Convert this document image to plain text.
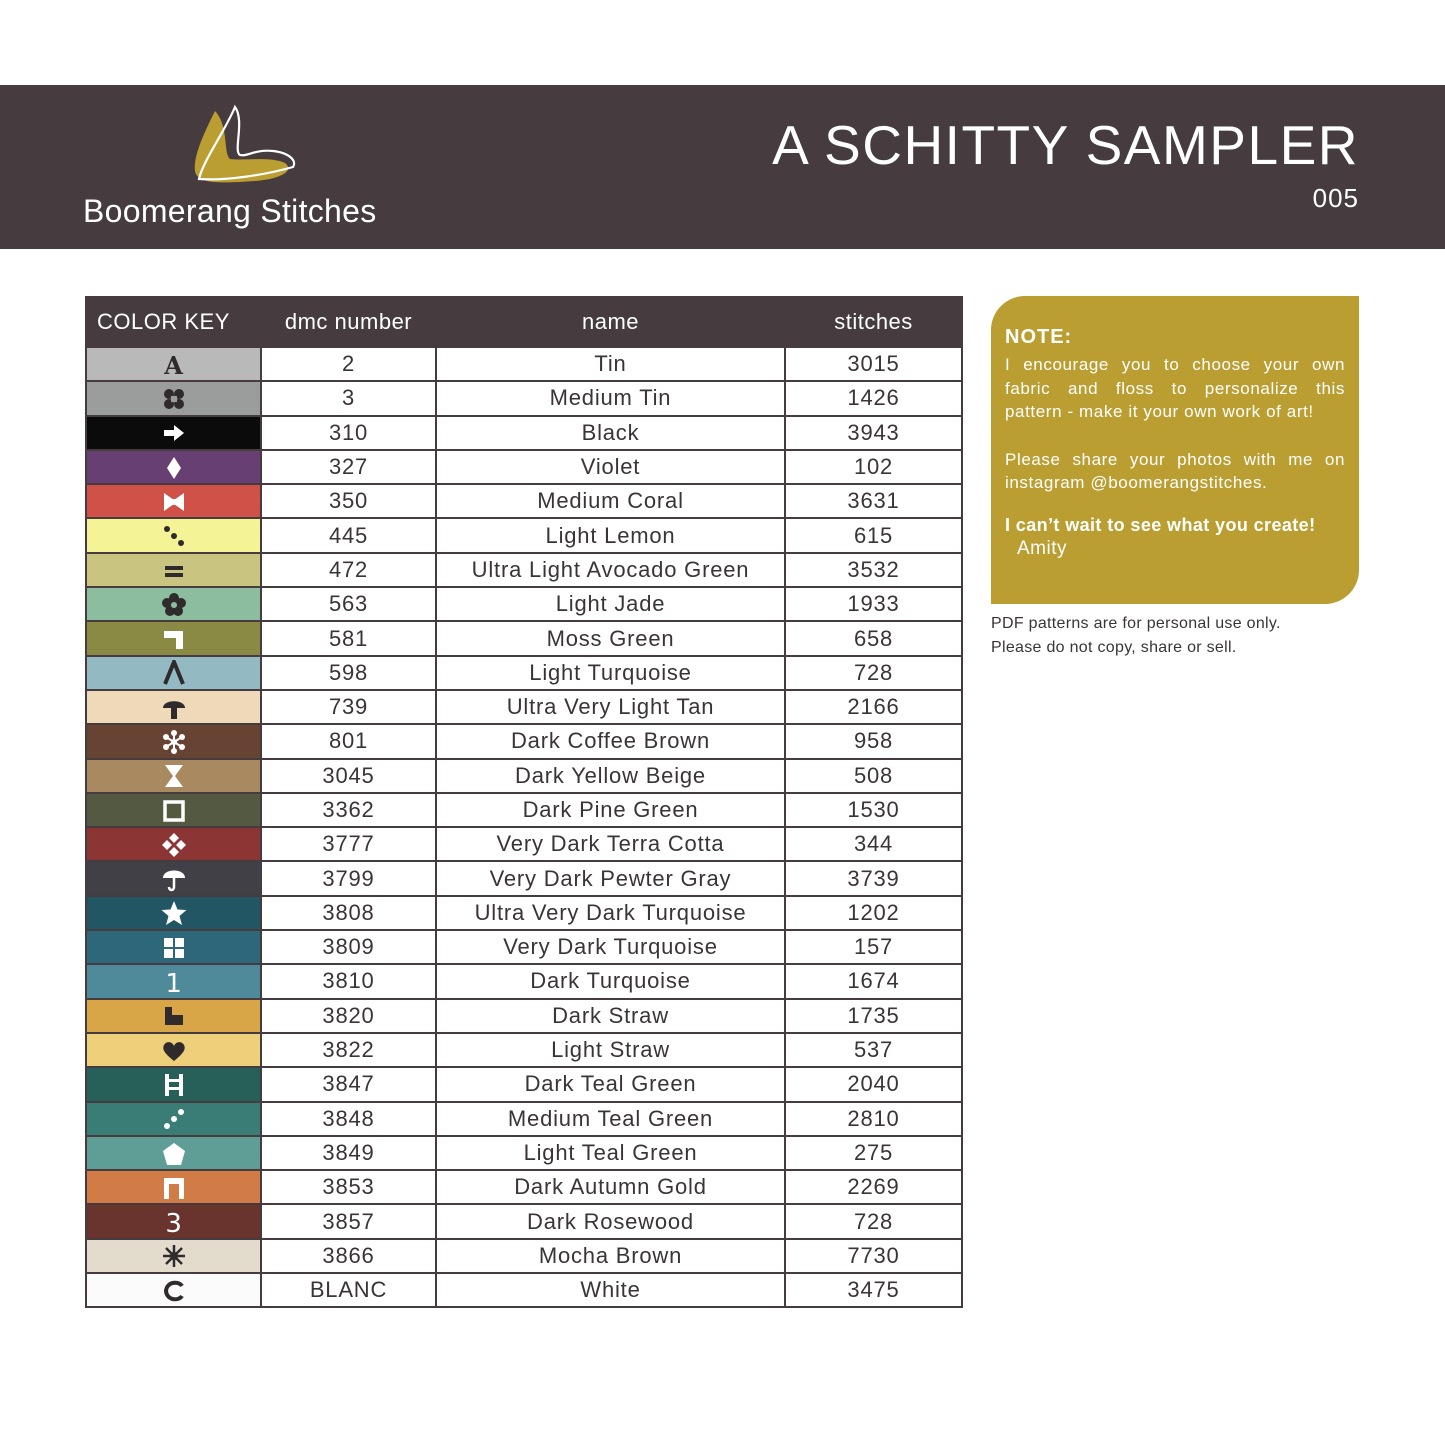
Boomerang Stitches
A SCHITTY SAMPLER
005
COLOR KEY	dmc number	name	stitches

A	2	Tin	3015

	3	Medium Tin	1426

	310	Black	3943

	327	Violet	102

	350	Medium Coral	3631

	445	Light Lemon	615

	472	Ultra Light Avocado Green	3532

	563	Light Jade	1933

	581	Moss Green	658

	598	Light Turquoise	728

	739	Ultra Very Light Tan	2166

	801	Dark Coffee Brown	958

	3045	Dark Yellow Beige	508

	3362	Dark Pine Green	1530

	3777	Very Dark Terra Cotta	344

	3799	Very Dark Pewter Gray	3739

	3808	Ultra Very Dark Turquoise	1202

	3809	Very Dark Turquoise	157

1	3810	Dark Turquoise	1674

	3820	Dark Straw	1735

	3822	Light Straw	537

	3847	Dark Teal Green	2040

	3848	Medium Teal Green	2810

	3849	Light Teal Green	275

	3853	Dark Autumn Gold	2269

3	3857	Dark Rosewood	728

	3866	Mocha Brown	7730

	BLANC	White	3475
NOTE:

I encourage you to choose your own fabric and floss to personalize this pattern - make it your own work of art!

Please share your photos with me on instagram @boomerangstitches.

I can’t wait to see what you create!
Amity
PDF patterns are for personal use only.
Please do not copy, share or sell.
